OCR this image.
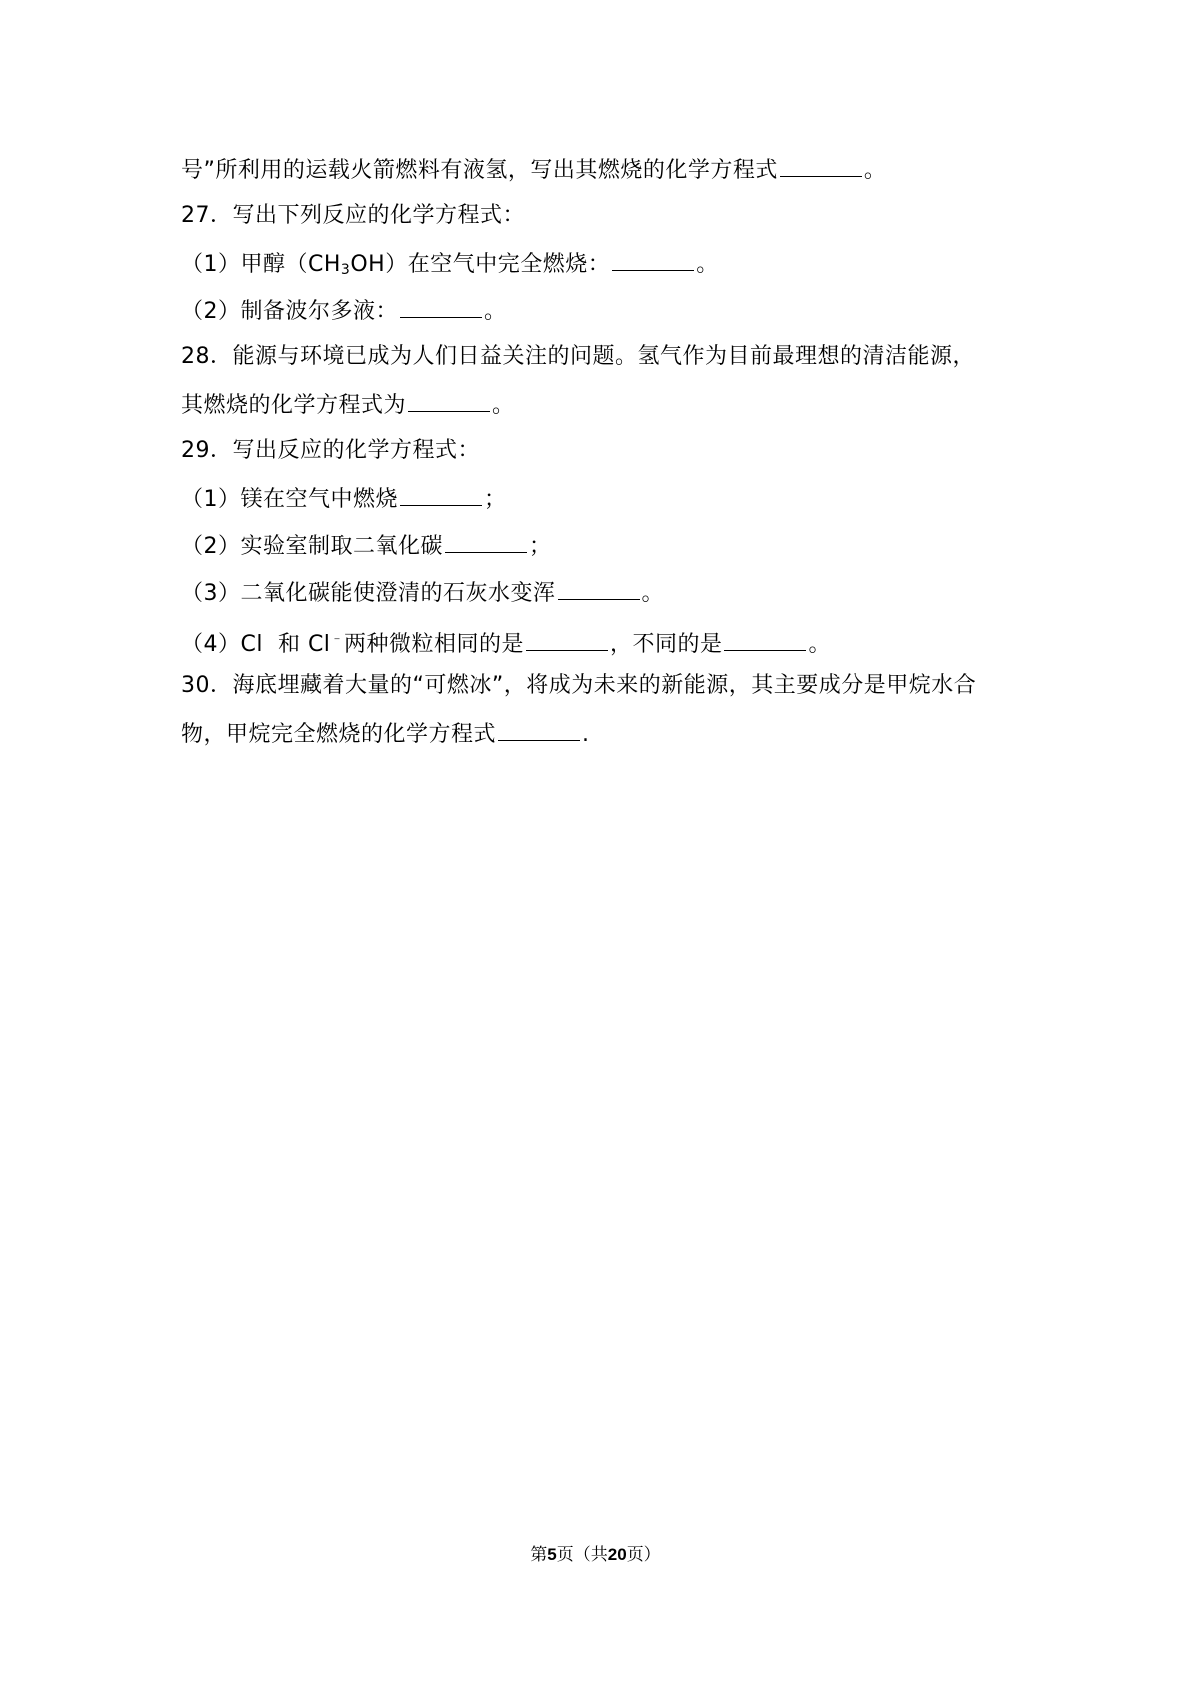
号”所利用的运载火箭燃料有液氢，写出其燃烧的化学方程式	。
27．写出下列反应的化学方程式：
（1）甲醇$(CH_3OH)$在空气中完全燃烧：	。
（2）制备波尔多液：	。
28．能源与环境已成为人们日益关注的问题。氢气作为目前最理想的清洁能源，
其燃烧的化学方程式为	。
29．写出反应的化学方程式：
（1）镁在空气中燃烧	；
（2）实验室制取二氧化碳	；
（3）二氧化碳能使澄清的石灰水变浑	。
（4）Cl  和 Cl﹣两种微粒相同的是	，不同的是	。
30．海底埋藏着大量的“可燃冰”，将成为未来的新能源，其主要成分是甲烷水合
物，甲烷完全燃烧的化学方程式	.
第5页（共20页）
